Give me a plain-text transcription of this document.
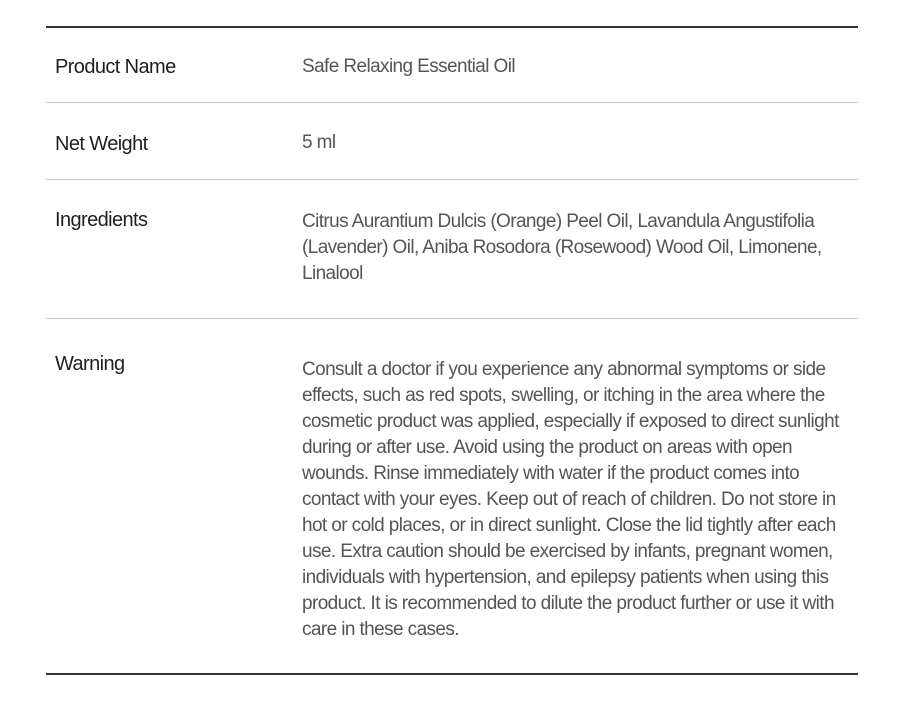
Product Name	Safe Relaxing Essential Oil
Net Weight	5 ml
Ingredients	Citrus Aurantium Dulcis (Orange) Peel Oil, Lavandula Angustifolia (Lavender) Oil, Aniba Rosodora (Rosewood) Wood Oil, Limonene, Linalool
Warning	Consult a doctor if you experience any abnormal symptoms or side effects, such as red spots, swelling, or itching in the area where the cosmetic product was applied, especially if exposed to direct sunlight during or after use. Avoid using the product on areas with open wounds. Rinse immediately with water if the product comes into contact with your eyes. Keep out of reach of children. Do not store in hot or cold places, or in direct sunlight. Close the lid tightly after each use. Extra caution should be exercised by infants, pregnant women, individuals with hypertension, and epilepsy patients when using this product. It is recommended to dilute the product further or use it with care in these cases.
